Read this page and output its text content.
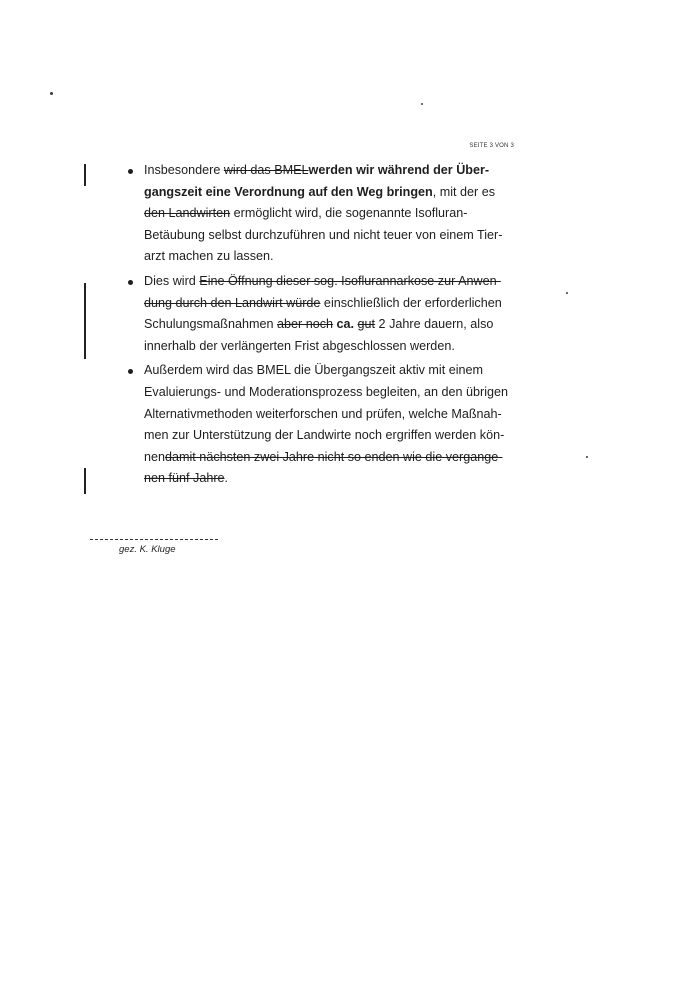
SEITE 3 VON 3
Insbesondere wird das BMELwerden wir während der Über-
gangszeit eine Verordnung auf den Weg bringen, mit der es
den Landwirten ermöglicht wird, die sogenannte Isofluran-
Betäubung selbst durchzuführen und nicht teuer von einem Tier-
arzt machen zu lassen.
Dies wird Eine Öffnung dieser sog. Isoflurannarkose zur Anwen-
dung durch den Landwirt würde einschließlich der erforderlichen
Schulungsmaßnahmen aber noch ca. gut 2 Jahre dauern, also
innerhalb der verlängerten Frist abgeschlossen werden.
Außerdem wird das BMEL die Übergangszeit aktiv mit einem
Evaluierungs- und Moderationsprozess begleiten, an den übrigen
Alternativmethoden weiterforschen und prüfen, welche Maßnah-
men zur Unterstützung der Landwirte noch ergriffen werden kön-
nendamit nächsten zwei Jahre nicht so enden wie die vergange-
nen fünf Jahre.
gez. K. Kluge
